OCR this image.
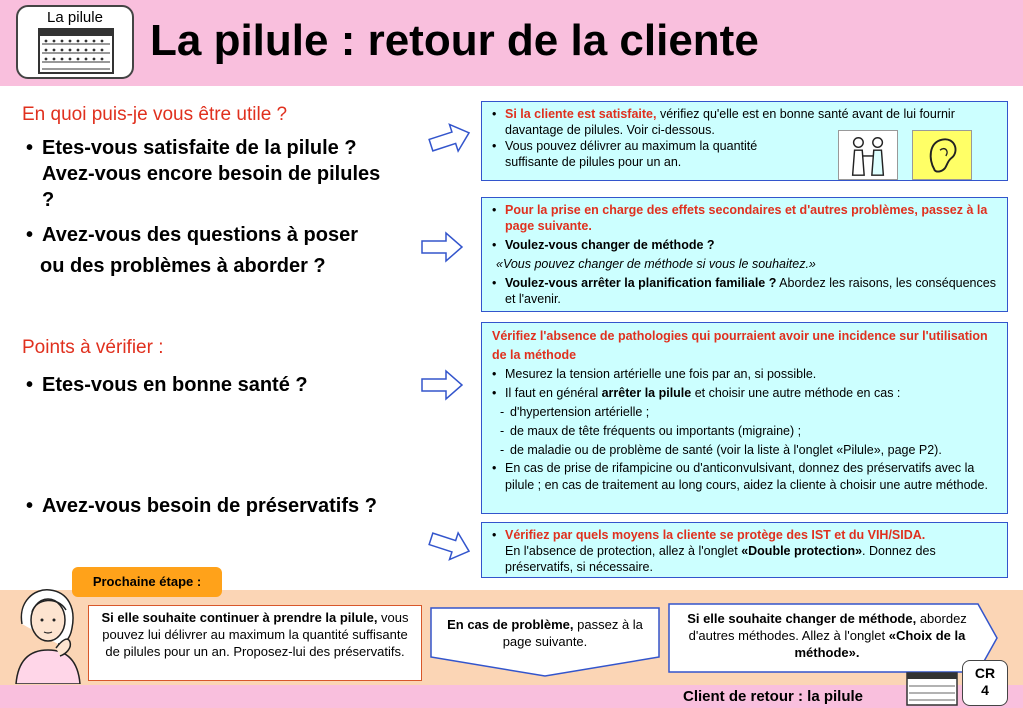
La pilule	La pilule : retour de la cliente
En quoi puis-je vous être utile ?
• Etes-vous satisfaite de la pilule ? Avez-vous encore besoin de pilules ?
• Avez-vous des questions à poser
ou des problèmes à aborder ?
Points à vérifier :
• Etes-vous en bonne santé ?
• Avez-vous besoin de préservatifs ?
• Si la cliente est satisfaite, vérifiez qu'elle est en bonne santé avant de lui fournir davantage de pilules. Voir ci-dessous.
• Vous pouvez délivrer au maximum la quantité suffisante de pilules pour un an.
• Pour la prise en charge des effets secondaires et d'autres problèmes, passez à la page suivante.
• Voulez-vous changer de méthode ?
«Vous pouvez changer de méthode si vous le souhaitez.»
• Voulez-vous arrêter la planification familiale ? Abordez les raisons, les conséquences et l'avenir.
Vérifiez l'absence de pathologies qui pourraient avoir une incidence sur l'utilisation de la méthode
• Mesurez la tension artérielle une fois par an, si possible.
• Il faut en général arrêter la pilule et choisir une autre méthode en cas :
- d'hypertension artérielle ;
- de maux de tête fréquents ou importants (migraine) ;
- de maladie ou de problème de santé (voir la liste à l'onglet «Pilule», page P2).
• En cas de prise de rifampicine ou d'anticonvulsivant, donnez des préservatifs avec la pilule ; en cas de traitement au long cours, aidez la cliente à choisir une autre méthode.
• Vérifiez par quels moyens la cliente se protège des IST et du VIH/SIDA.
En l'absence de protection, allez à l'onglet «Double protection». Donnez des préservatifs, si nécessaire.
Prochaine étape :
Si elle souhaite continuer à prendre la pilule, vous pouvez lui délivrer au maximum la quantité suffisante de pilules pour un an. Proposez-lui des préservatifs.
En cas de problème, passez à la page suivante.
Si elle souhaite changer de méthode, abordez d'autres méthodes. Allez à l'onglet «Choix de la méthode».
Client de retour : la pilule
CR
4
